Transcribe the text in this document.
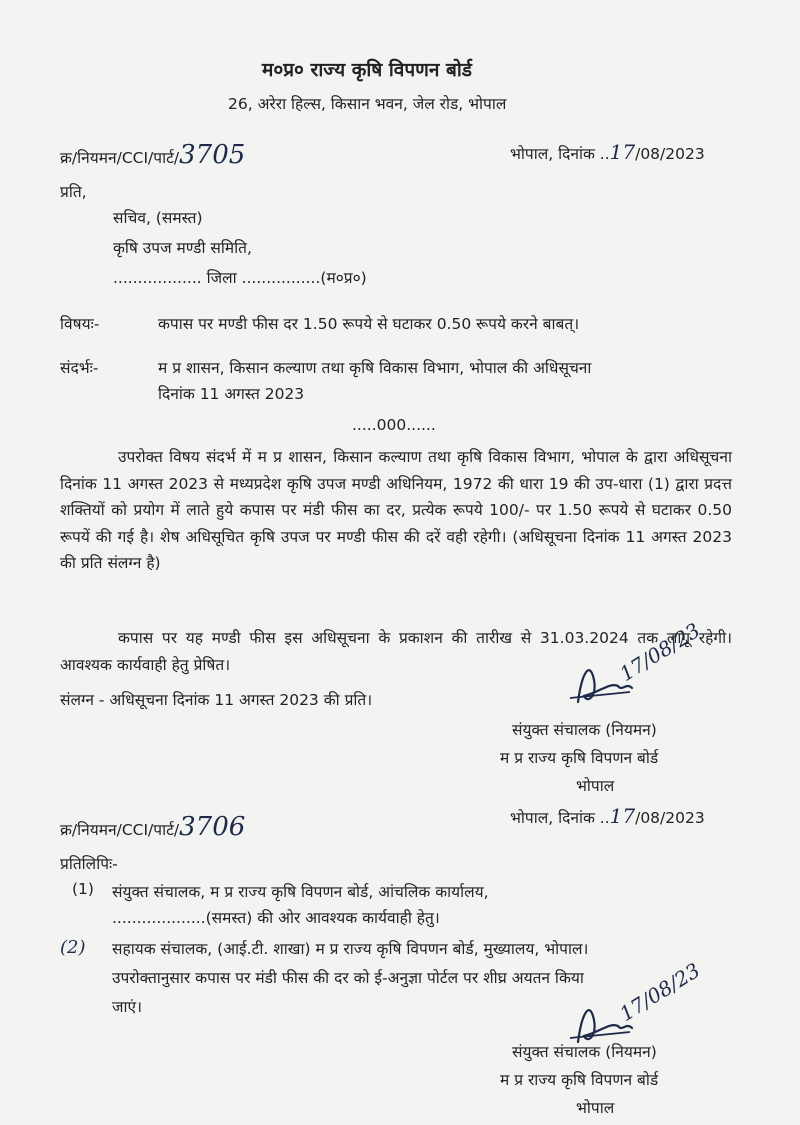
म०प्र० राज्य कृषि विपणन बोर्ड
26, अरेरा हिल्स, किसान भवन, जेल रोड, भोपाल
क्र/नियमन/CCI/पार्ट/3705	भोपाल, दिनांक ..17/08/2023
प्रति,
सचिव, (समस्त)
कृषि उपज मण्डी समिति,
.................. जिला ................(म०प्र०)
विषयः-	कपास पर मण्डी फीस दर 1.50 रूपये से घटाकर 0.50 रूपये करने बाबत्।
संदर्भः-	म प्र शासन, किसान कल्याण तथा कृषि विकास विभाग, भोपाल की अधिसूचना
दिनांक 11 अगस्त 2023
.....000......
उपरोक्त विषय संदर्भ में म प्र शासन, किसान कल्याण तथा कृषि विकास विभाग, भोपाल के द्वारा अधिसूचना दिनांक 11 अगस्त 2023 से मध्यप्रदेश कृषि उपज मण्डी अधिनियम, 1972 की धारा 19 की उप-धारा (1) द्वारा प्रदत्त शक्तियों को प्रयोग में लाते हुये कपास पर मंडी फीस का दर, प्रत्येक रूपये 100/- पर 1.50 रूपये से घटाकर 0.50 रूपयें की गई है। शेष अधिसूचित कृषि उपज पर मण्डी फीस की दरें वही रहेगी। (अधिसूचना दिनांक 11 अगस्त 2023 की प्रति संलग्न है)
कपास पर यह मण्डी फीस इस अधिसूचना के प्रकाशन की तारीख से 31.03.2024 तक लागू रहेगी। आवश्यक कार्यवाही हेतु प्रेषित।
संलग्न - अधिसूचना दिनांक 11 अगस्त 2023 की प्रति।
17/08/23
संयुक्त संचालक (नियमन)
म प्र राज्य कृषि विपणन बोर्ड
भोपाल
भोपाल, दिनांक ..17/08/2023
क्र/नियमन/CCI/पार्ट/3706
प्रतिलिपिः-
(1) संयुक्त संचालक, म प्र राज्य कृषि विपणन बोर्ड, आंचलिक कार्यालय,
...................(समस्त) की ओर आवश्यक कार्यवाही हेतु।
(2) सहायक संचालक, (आई.टी. शाखा) म प्र राज्य कृषि विपणन बोर्ड, मुख्यालय, भोपाल।
उपरोक्तानुसार कपास पर मंडी फीस की दर को ई-अनुज्ञा पोर्टल पर शीघ्र अयतन किया
जाएं।	17/08/23
संयुक्त संचालक (नियमन)
म प्र राज्य कृषि विपणन बोर्ड
भोपाल
